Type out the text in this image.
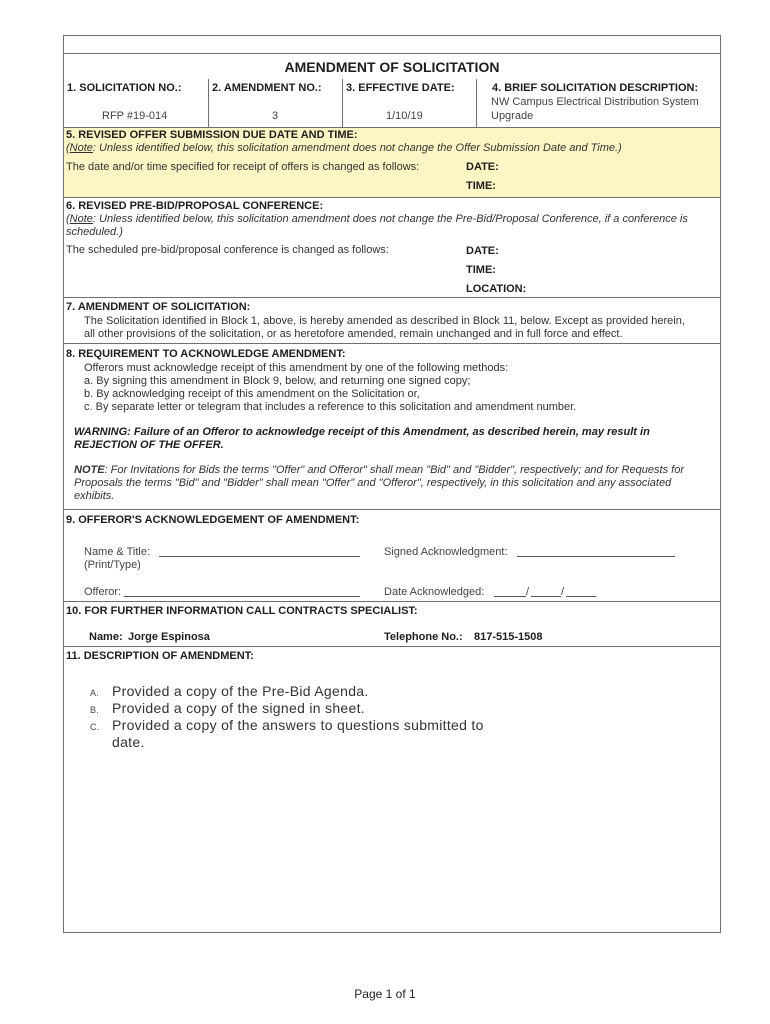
AMENDMENT OF SOLICITATION
1. SOLICITATION NO.:
RFP #19-014
2. AMENDMENT NO.:
3
3. EFFECTIVE DATE:
1/10/19
4. BRIEF SOLICITATION DESCRIPTION:
NW Campus Electrical Distribution System
Upgrade
5. REVISED OFFER SUBMISSION DUE DATE AND TIME:
(Note: Unless identified below, this solicitation amendment does not change the Offer Submission Date and Time.)
The date and/or time specified for receipt of offers is changed as follows:	DATE:
TIME:
6. REVISED PRE-BID/PROPOSAL CONFERENCE:
(Note: Unless identified below, this solicitation amendment does not change the Pre-Bid/Proposal Conference, if a conference is
scheduled.)
The scheduled pre-bid/proposal conference is changed as follows:	DATE:
TIME:
LOCATION:
7. AMENDMENT OF SOLICITATION:
The Solicitation identified in Block 1, above, is hereby amended as described in Block 11, below. Except as provided herein,
all other provisions of the solicitation, or as heretofore amended, remain unchanged and in full force and effect.
8. REQUIREMENT TO ACKNOWLEDGE AMENDMENT:
Offerors must acknowledge receipt of this amendment by one of the following methods:
a. By signing this amendment in Block 9, below, and returning one signed copy;
b. By acknowledging receipt of this amendment on the Solicitation or,
c. By separate letter or telegram that includes a reference to this solicitation and amendment number.
WARNING: Failure of an Offeror to acknowledge receipt of this Amendment, as described herein, may result in
REJECTION OF THE OFFER.
NOTE: For Invitations for Bids the terms "Offer" and Offeror" shall mean "Bid" and "Bidder", respectively; and for Requests for
Proposals the terms "Bid" and "Bidder" shall mean "Offer" and "Offeror", respectively, in this solicitation and any associated
exhibits.
9. OFFEROR'S ACKNOWLEDGEMENT OF AMENDMENT:
Name & Title:
(Print/Type)
Signed Acknowledgment:
Offeror:	Date Acknowledged:	/	/
10. FOR FURTHER INFORMATION CALL CONTRACTS SPECIALIST:
Name: Jorge Espinosa	Telephone No.: 817-515-1508
11. DESCRIPTION OF AMENDMENT:
A. Provided a copy of the Pre-Bid Agenda.
B. Provided a copy of the signed in sheet.
C. Provided a copy of the answers to questions submitted to
date.
Page 1 of 1
